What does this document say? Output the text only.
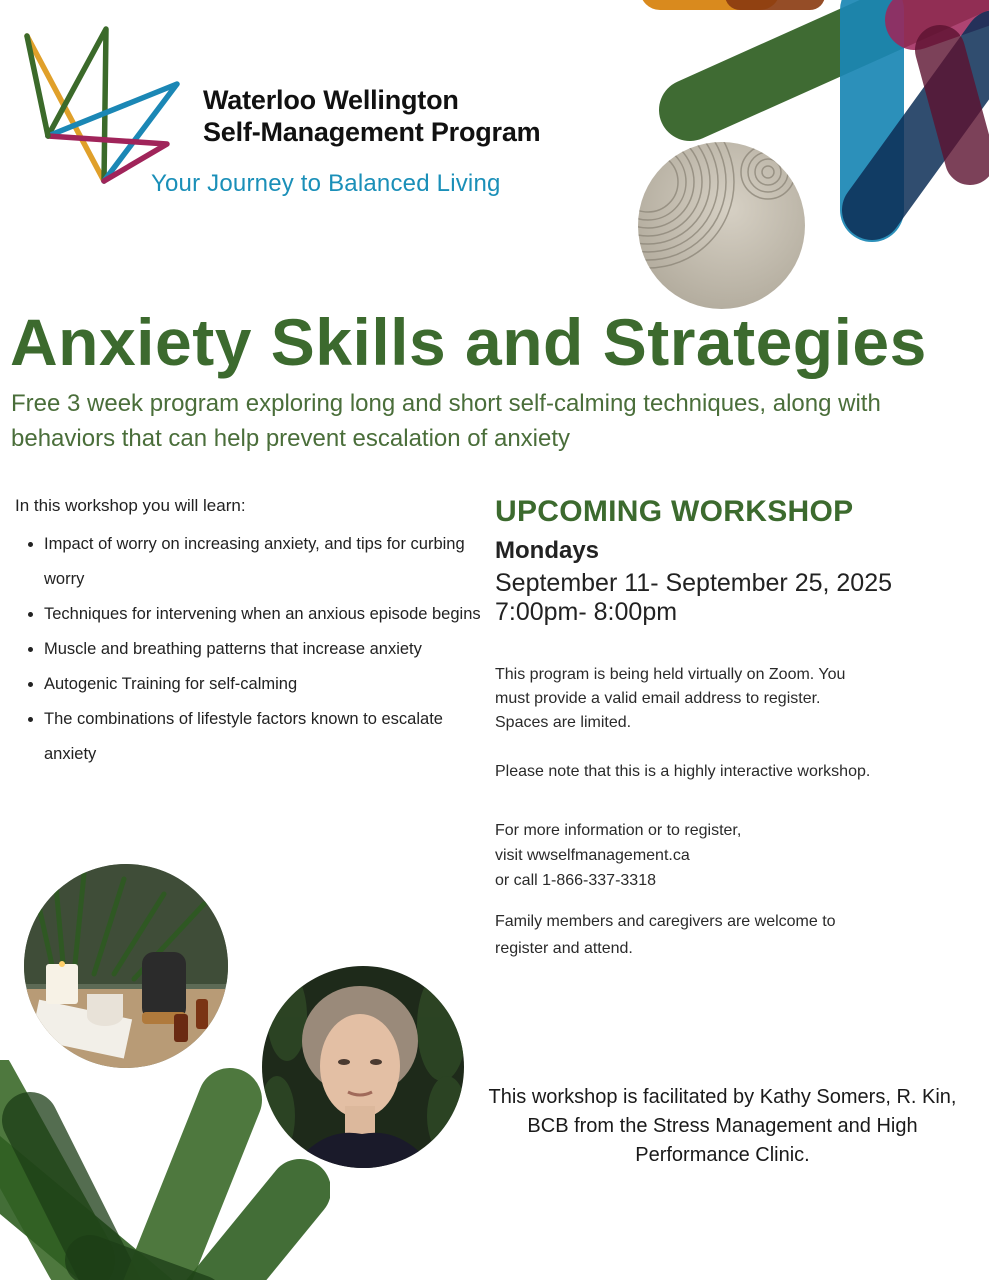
Waterloo Wellington
Self-Management Program
Your Journey to Balanced Living
Anxiety Skills and Strategies
Free 3 week program exploring long and short self-calming techniques, along with behaviors that can help prevent escalation of anxiety
In this workshop you will learn:
• Impact of worry on increasing anxiety, and tips for curbing worry
• Techniques for intervening when an anxious episode begins
• Muscle and breathing patterns that increase anxiety
• Autogenic Training for self-calming
• The combinations of lifestyle factors known to escalate anxiety
UPCOMING WORKSHOP
Mondays
September 11- September 25, 2025
7:00pm- 8:00pm
This program is being held virtually on Zoom. You must provide a valid email address to register. Spaces are limited.
Please note that this is a highly interactive workshop.
For more information or to register,
visit wwselfmanagement.ca
or call 1-866-337-3318
Family members and caregivers are welcome to register and attend.
This workshop is facilitated by Kathy Somers, R. Kin, BCB from the Stress Management and High Performance Clinic.
